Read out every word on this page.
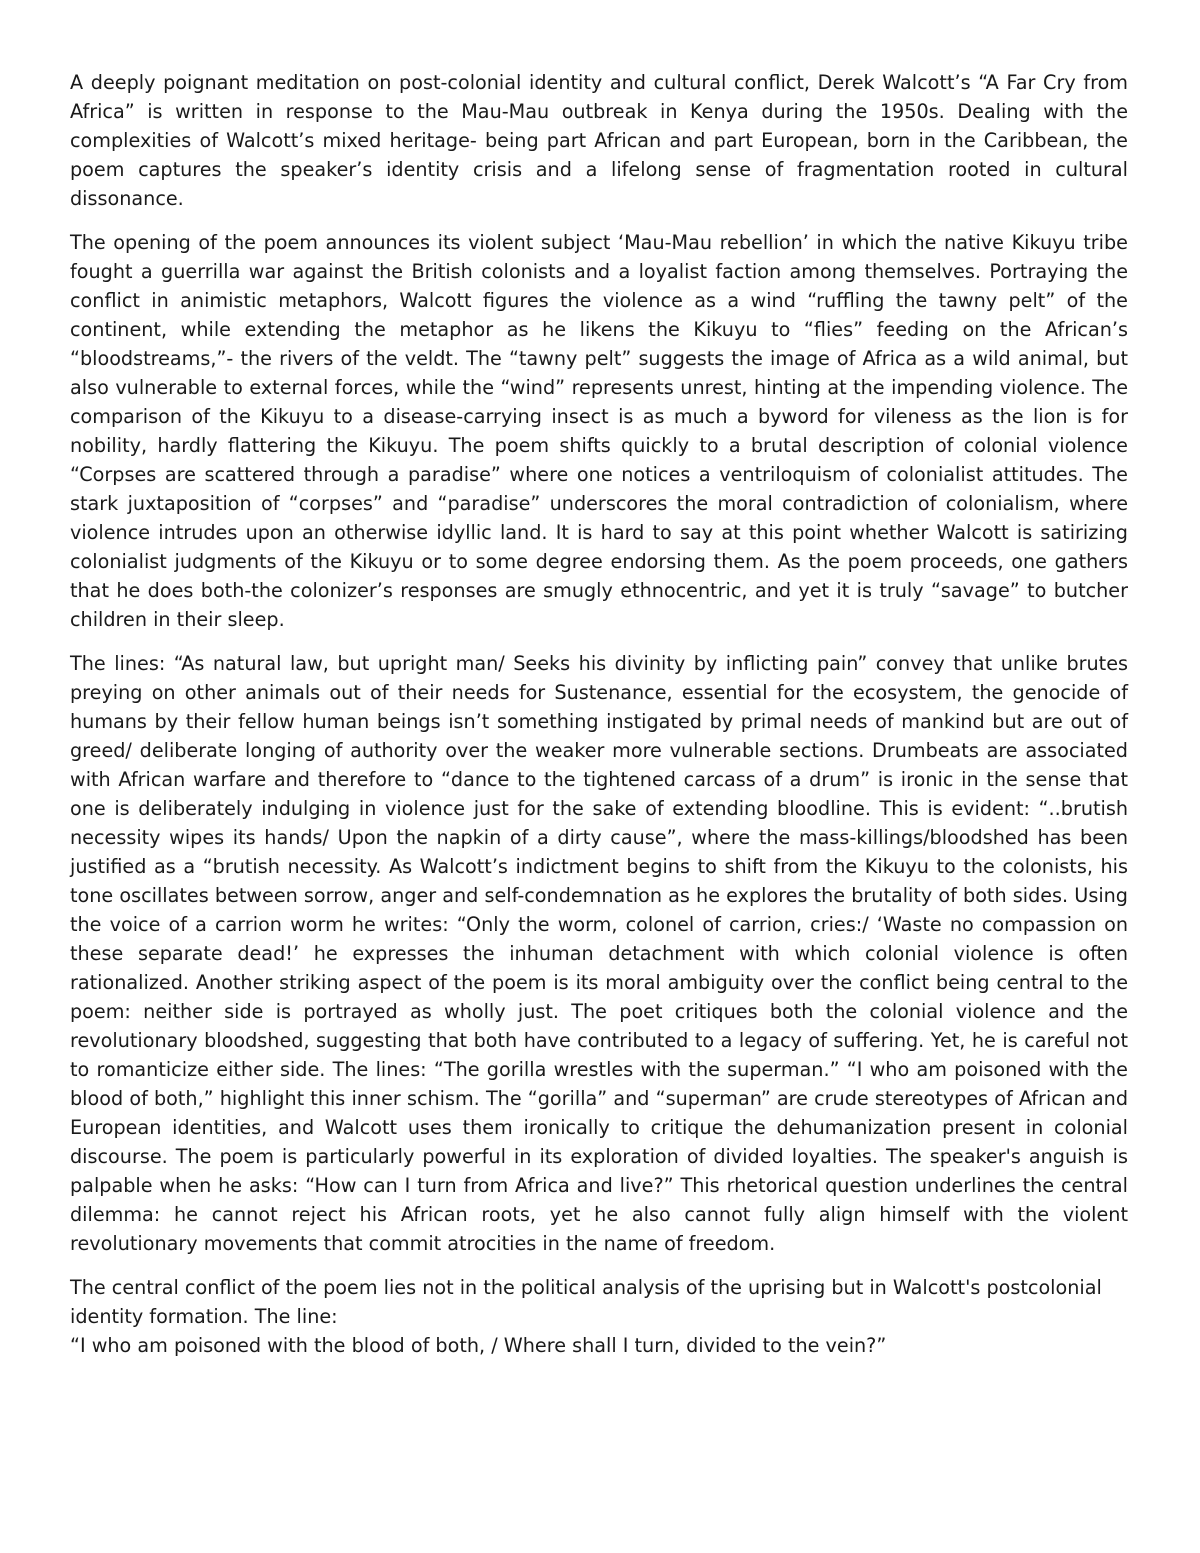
A deeply poignant meditation on post-colonial identity and cultural conflict, Derek Walcott’s “A Far Cry from Africa” is written in response to the Mau-Mau outbreak in Kenya during the 1950s. Dealing with the complexities of Walcott’s mixed heritage- being part African and part European, born in the Caribbean, the poem captures the speaker’s identity crisis and a lifelong sense of fragmentation rooted in cultural dissonance.

The opening of the poem announces its violent subject ‘Mau-Mau rebellion’ in which the native Kikuyu tribe fought a guerrilla war against the British colonists and a loyalist faction among themselves. Portraying the conflict in animistic metaphors, Walcott figures the violence as a wind “ruffling the tawny pelt” of the continent, while extending the metaphor as he likens the Kikuyu to “flies” feeding on the African’s “bloodstreams,”- the rivers of the veldt. The “tawny pelt” suggests the image of Africa as a wild animal, but also vulnerable to external forces, while the “wind” represents unrest, hinting at the impending violence. The comparison of the Kikuyu to a disease-carrying insect is as much a byword for vileness as the lion is for nobility, hardly flattering the Kikuyu. The poem shifts quickly to a brutal description of colonial violence “Corpses are scattered through a paradise” where one notices a ventriloquism of colonialist attitudes. The stark juxtaposition of “corpses” and “paradise” underscores the moral contradiction of colonialism, where violence intrudes upon an otherwise idyllic land. It is hard to say at this point whether Walcott is satirizing colonialist judgments of the Kikuyu or to some degree endorsing them. As the poem proceeds, one gathers that he does both-the colonizer’s responses are smugly ethnocentric, and yet it is truly “savage” to butcher children in their sleep.

The lines: “As natural law, but upright man/ Seeks his divinity by inflicting pain” convey that unlike brutes preying on other animals out of their needs for Sustenance, essential for the ecosystem, the genocide of humans by their fellow human beings isn’t something instigated by primal needs of mankind but are out of greed/ deliberate longing of authority over the weaker more vulnerable sections. Drumbeats are associated with African warfare and therefore to “dance to the tightened carcass of a drum” is ironic in the sense that one is deliberately indulging in violence just for the sake of extending bloodline. This is evident: “..brutish necessity wipes its hands/ Upon the napkin of a dirty cause”, where the mass-killings/bloodshed has been justified as a “brutish necessity. As Walcott’s indictment begins to shift from the Kikuyu to the colonists, his tone oscillates between sorrow, anger and self-condemnation as he explores the brutality of both sides. Using the voice of a carrion worm he writes: “Only the worm, colonel of carrion, cries:/ ‘Waste no compassion on these separate dead!’ he expresses the inhuman detachment with which colonial violence is often rationalized. Another striking aspect of the poem is its moral ambiguity over the conflict being central to the poem: neither side is portrayed as wholly just. The poet critiques both the colonial violence and the revolutionary bloodshed, suggesting that both have contributed to a legacy of suffering. Yet, he is careful not to romanticize either side. The lines: “The gorilla wrestles with the superman.” “I who am poisoned with the blood of both,” highlight this inner schism. The “gorilla” and “superman” are crude stereotypes of African and European identities, and Walcott uses them ironically to critique the dehumanization present in colonial discourse. The poem is particularly powerful in its exploration of divided loyalties. The speaker's anguish is palpable when he asks: “How can I turn from Africa and live?” This rhetorical question underlines the central dilemma: he cannot reject his African roots, yet he also cannot fully align himself with the violent revolutionary movements that commit atrocities in the name of freedom.

The central conflict of the poem lies not in the political analysis of the uprising but in Walcott's postcolonial identity formation. The line:
“I who am poisoned with the blood of both, / Where shall I turn, divided to the vein?”
